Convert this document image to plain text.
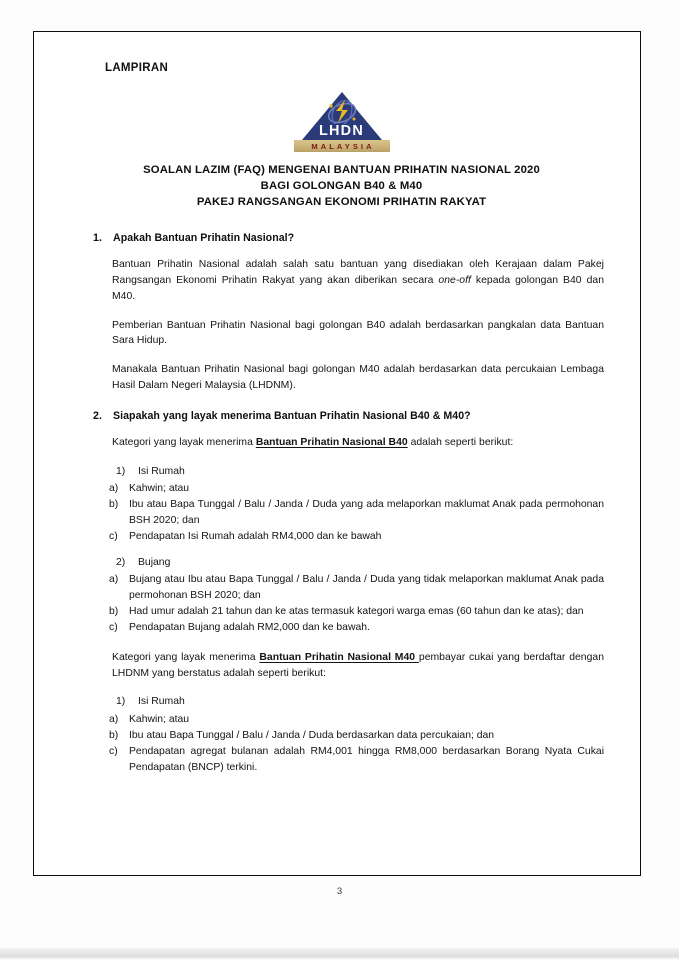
LAMPIRAN
LHDN
MALAYSIA
SOALAN LAZIM (FAQ) MENGENAI BANTUAN PRIHATIN NASIONAL 2020
BAGI GOLONGAN B40 & M40
PAKEJ RANGSANGAN EKONOMI PRIHATIN RAKYAT
1.	Apakah Bantuan Prihatin Nasional?

Bantuan Prihatin Nasional adalah salah satu bantuan yang disediakan oleh Kerajaan dalam Pakej Rangsangan Ekonomi Prihatin Rakyat yang akan diberikan secara one-off kepada golongan B40 dan M40.

Pemberian Bantuan Prihatin Nasional bagi golongan B40 adalah berdasarkan pangkalan data Bantuan Sara Hidup.

Manakala Bantuan Prihatin Nasional bagi golongan M40 adalah berdasarkan data percukaian Lembaga Hasil Dalam Negeri Malaysia (LHDNM).

2.	Siapakah yang layak menerima Bantuan Prihatin Nasional B40 & M40?

Kategori yang layak menerima Bantuan Prihatin Nasional B40 adalah seperti berikut:

1)	Isi Rumah
a)	Kahwin; atau
b)	Ibu atau Bapa Tunggal / Balu / Janda / Duda yang ada melaporkan maklumat Anak pada permohonan BSH 2020; dan
c)	Pendapatan Isi Rumah adalah RM4,000 dan ke bawah
2)	Bujang
a)	Bujang atau Ibu atau Bapa Tunggal / Balu / Janda / Duda yang tidak melaporkan maklumat Anak pada permohonan BSH 2020; dan
b)	Had umur adalah 21 tahun dan ke atas termasuk kategori warga emas (60 tahun dan ke atas); dan
c)	Pendapatan Bujang adalah RM2,000 dan ke bawah.

Kategori yang layak menerima Bantuan Prihatin Nasional M40 pembayar cukai yang berdaftar dengan LHDNM yang berstatus adalah seperti berikut:

1)	Isi Rumah
a)	Kahwin; atau
b)	Ibu atau Bapa Tunggal / Balu / Janda / Duda berdasarkan data percukaian; dan
c)	Pendapatan agregat bulanan adalah RM4,001 hingga RM8,000 berdasarkan Borang Nyata Cukai Pendapatan (BNCP) terkini.
3
